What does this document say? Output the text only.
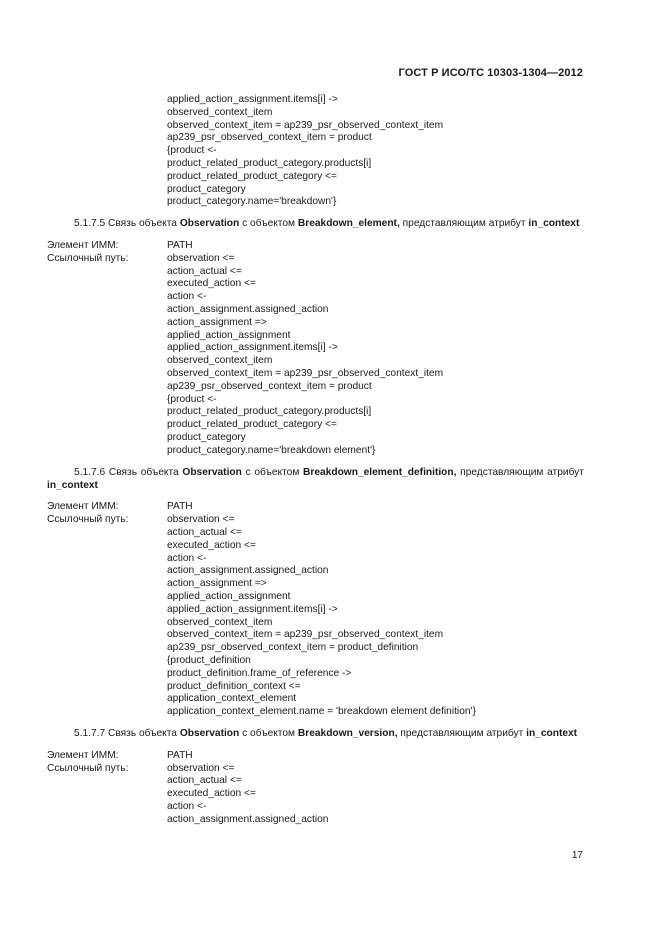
ГОСТ Р ИСО/ТС 10303-1304—2012
applied_action_assignment.items[i] ->
observed_context_item
observed_context_item = ap239_psr_observed_context_item
ap239_psr_observed_context_item = product
{product <-
product_related_product_category.products[i]
product_related_product_category <=
product_category
product_category.name='breakdown'}
5.1.7.5 Связь объекта Observation с объектом Breakdown_element, представляющим атрибут in_context
Элемент ИММ:	PATH
Ссылочный путь:	observation <=
action_actual <=
executed_action <=
action <-
action_assignment.assigned_action
action_assignment =>
applied_action_assignment
applied_action_assignment.items[i] ->
observed_context_item
observed_context_item = ap239_psr_observed_context_item
ap239_psr_observed_context_item = product
{product <-
product_related_product_category.products[i]
product_related_product_category <=
product_category
product_category.name='breakdown element'}
5.1.7.6 Связь объекта Observation с объектом Breakdown_element_definition, представляющим атрибут in_context
Элемент ИММ:	PATH
Ссылочный путь:	observation <=
action_actual <=
executed_action <=
action <-
action_assignment.assigned_action
action_assignment =>
applied_action_assignment
applied_action_assignment.items[i] ->
observed_context_item
observed_context_item = ap239_psr_observed_context_item
ap239_psr_observed_context_item = product_definition
{product_definition
product_definition.frame_of_reference ->
product_definition_context <=
application_context_element
application_context_element.name = 'breakdown element definition'}
5.1.7.7 Связь объекта Observation с объектом Breakdown_version, представляющим атрибут in_context
Элемент ИММ:	PATH
Ссылочный путь:	observation <=
action_actual <=
executed_action <=
action <-
action_assignment.assigned_action
17
